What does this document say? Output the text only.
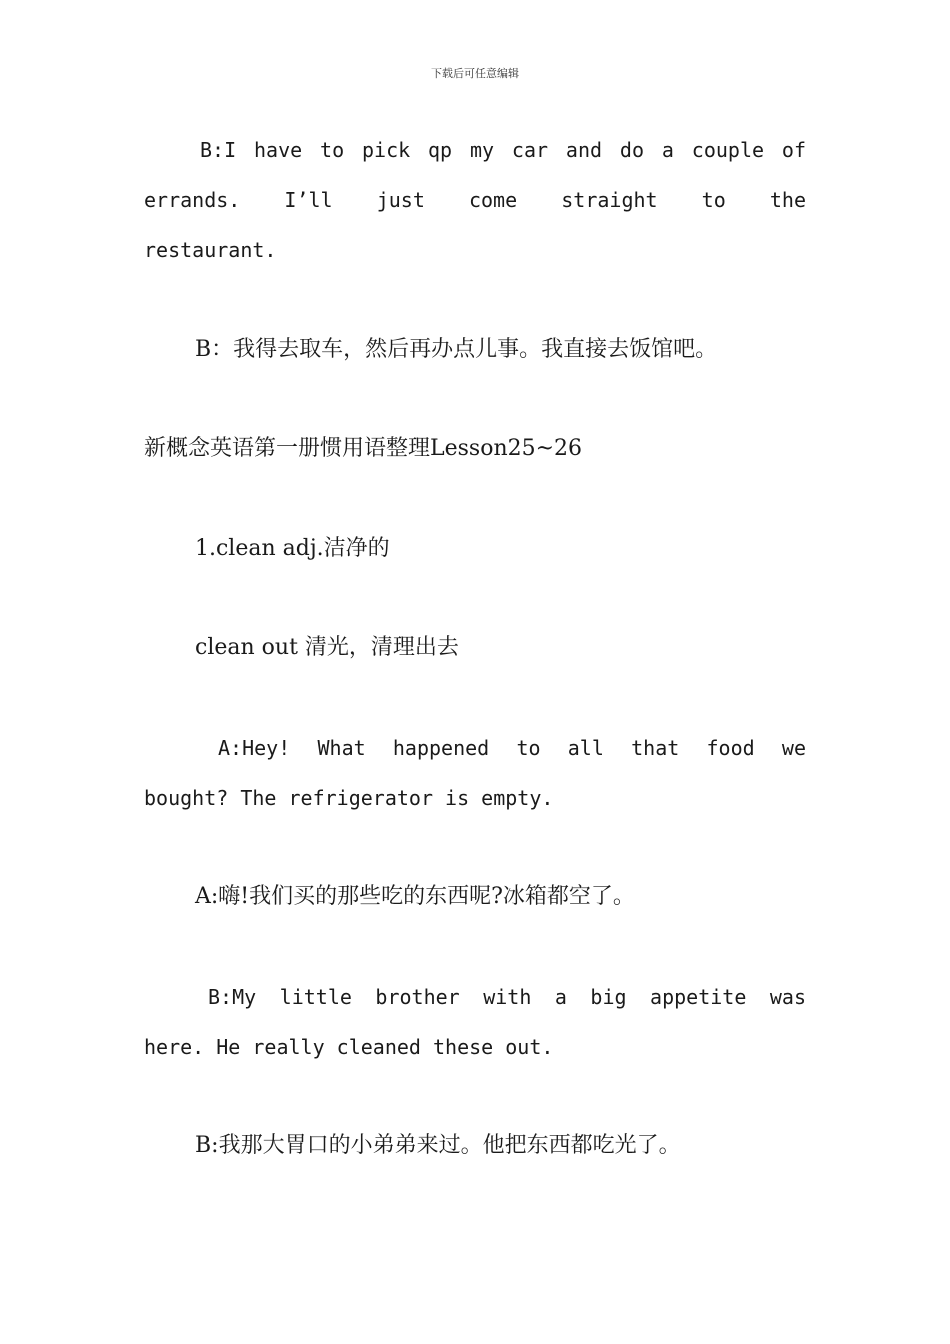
下载后可任意编辑
B:I have to pick qp my car and do a couple of
errands. I’ll just come straight to the
restaurant.
B：我得去取车，然后再办点儿事。我直接去饭馆吧。
新概念英语第一册惯用语整理Lesson25~26
1.clean adj.洁净的
clean out 清光，清理出去
A:Hey! What happened to all that food we
bought? The refrigerator is empty.
A:嗨!我们买的那些吃的东西呢?冰箱都空了。
B:My little brother with a big appetite was
here. He really cleaned these out.
B:我那大胃口的小弟弟来过。他把东西都吃光了。
